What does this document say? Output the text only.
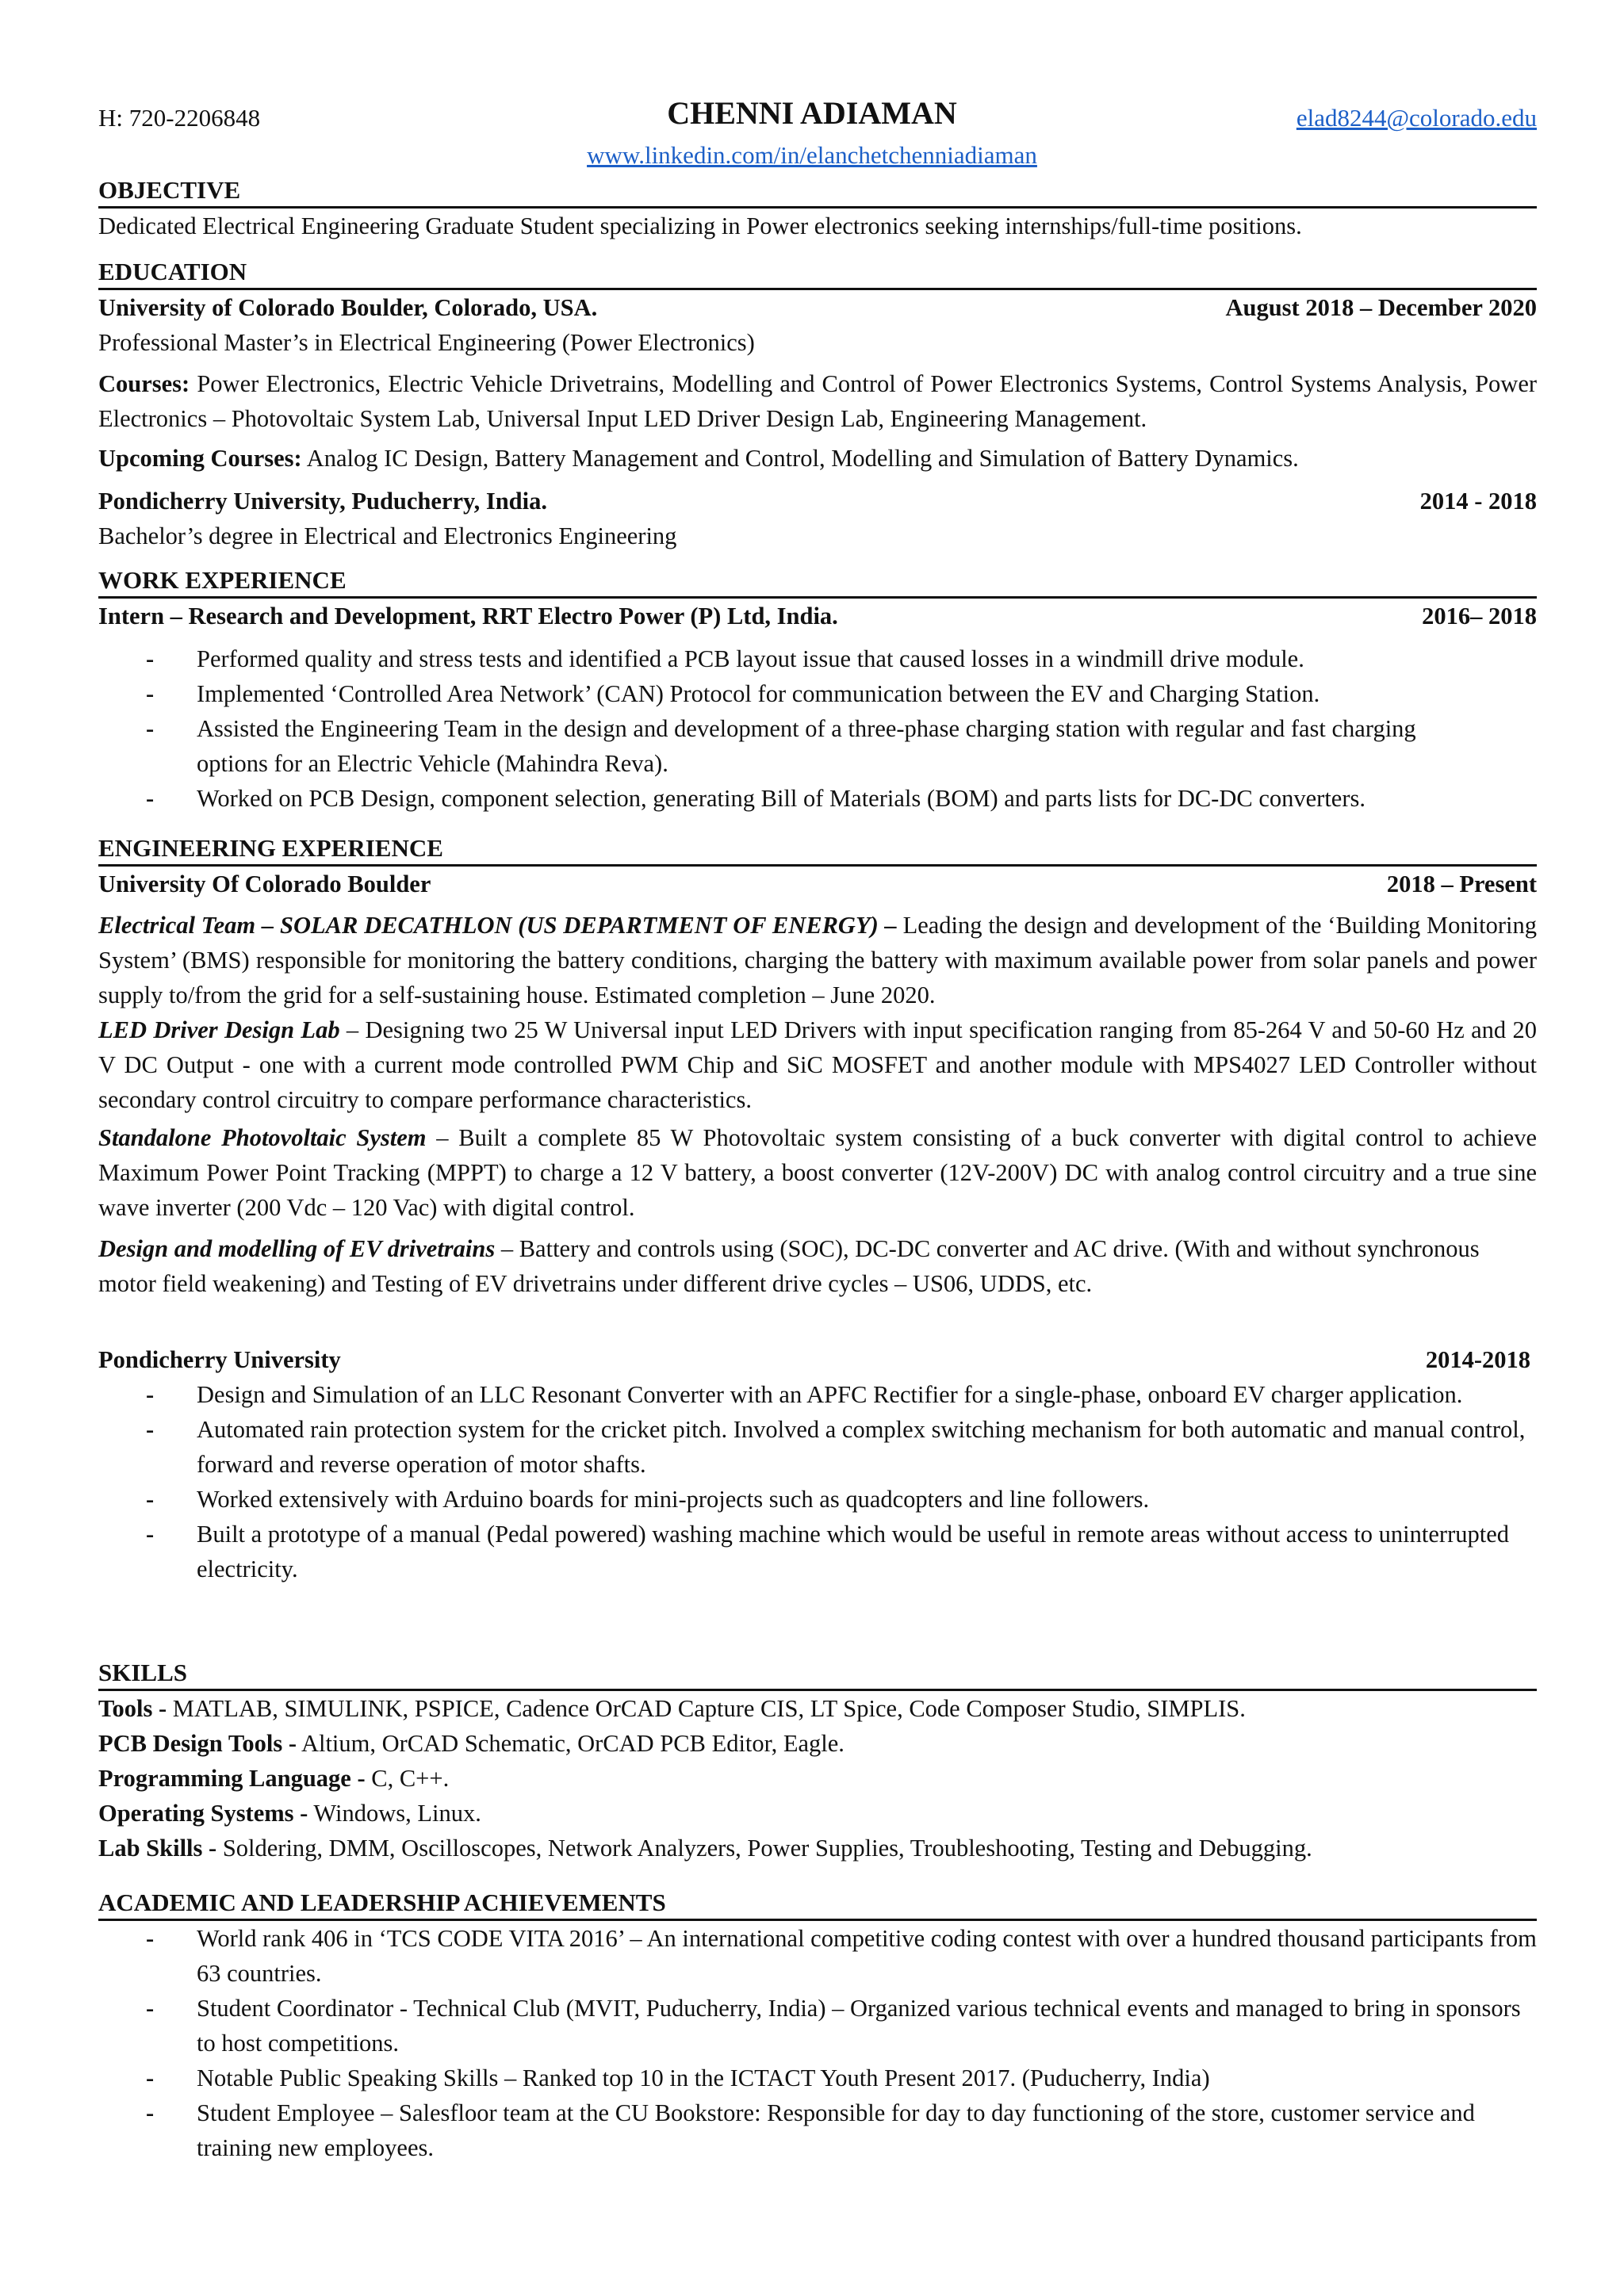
H: 720-2206848	CHENNI ADIAMAN	elad8244@colorado.edu
www.linkedin.com/in/elanchetchenniadiaman
OBJECTIVE

Dedicated Electrical Engineering Graduate Student specializing in Power electronics seeking internships/full-time positions.

EDUCATION
University of Colorado Boulder, Colorado, USA.	August 2018 – December 2020

Professional Master’s in Electrical Engineering (Power Electronics)

Courses: Power Electronics, Electric Vehicle Drivetrains, Modelling and Control of Power Electronics Systems, Control Systems Analysis, Power Electronics – Photovoltaic System Lab, Universal Input LED Driver Design Lab, Engineering Management.

Upcoming Courses: Analog IC Design, Battery Management and Control, Modelling and Simulation of Battery Dynamics.

Pondicherry University, Puducherry, India.	2014 - 2018

Bachelor’s degree in Electrical and Electronics Engineering

WORK EXPERIENCE
Intern – Research and Development, RRT Electro Power (P) Ltd, India.	2016– 2018
- Performed quality and stress tests and identified a PCB layout issue that caused losses in a windmill drive module.
- Implemented ‘Controlled Area Network’ (CAN) Protocol for communication between the EV and Charging Station.
- Assisted the Engineering Team in the design and development of a three-phase charging station with regular and fast charging options for an Electric Vehicle (Mahindra Reva).
- Worked on PCB Design, component selection, generating Bill of Materials (BOM) and parts lists for DC-DC converters.
ENGINEERING EXPERIENCE
University Of Colorado Boulder	2018 – Present

Electrical Team – SOLAR DECATHLON (US DEPARTMENT OF ENERGY) – Leading the design and development of the ‘Building Monitoring System’ (BMS) responsible for monitoring the battery conditions, charging the battery with maximum available power from solar panels and power supply to/from the grid for a self-sustaining house. Estimated completion – June 2020.

LED Driver Design Lab – Designing two 25 W Universal input LED Drivers with input specification ranging from 85-264 V and 50-60 Hz and 20 V DC Output - one with a current mode controlled PWM Chip and SiC MOSFET and another module with MPS4027 LED Controller without secondary control circuitry to compare performance characteristics.

Standalone Photovoltaic System – Built a complete 85 W Photovoltaic system consisting of a buck converter with digital control to achieve Maximum Power Point Tracking (MPPT) to charge a 12 V battery, a boost converter (12V-200V) DC with analog control circuitry and a true sine wave inverter (200 Vdc – 120 Vac) with digital control.

Design and modelling of EV drivetrains – Battery and controls using (SOC), DC-DC converter and AC drive. (With and without synchronous motor field weakening) and Testing of EV drivetrains under different drive cycles – US06, UDDS, etc.

Pondicherry University	2014-2018
- Design and Simulation of an LLC Resonant Converter with an APFC Rectifier for a single-phase, onboard EV charger application.
- Automated rain protection system for the cricket pitch. Involved a complex switching mechanism for both automatic and manual control, forward and reverse operation of motor shafts.
- Worked extensively with Arduino boards for mini-projects such as quadcopters and line followers.
- Built a prototype of a manual (Pedal powered) washing machine which would be useful in remote areas without access to uninterrupted electricity.
SKILLS

Tools - MATLAB, SIMULINK, PSPICE, Cadence OrCAD Capture CIS, LT Spice, Code Composer Studio, SIMPLIS.

PCB Design Tools - Altium, OrCAD Schematic, OrCAD PCB Editor, Eagle.

Programming Language - C, C++.

Operating Systems - Windows, Linux.

Lab Skills - Soldering, DMM, Oscilloscopes, Network Analyzers, Power Supplies, Troubleshooting, Testing and Debugging.

ACADEMIC AND LEADERSHIP ACHIEVEMENTS
- World rank 406 in ‘TCS CODE VITA 2016’ – An international competitive coding contest with over a hundred thousand participants from 63 countries.
- Student Coordinator - Technical Club (MVIT, Puducherry, India) – Organized various technical events and managed to bring in sponsors to host competitions.
- Notable Public Speaking Skills – Ranked top 10 in the ICTACT Youth Present 2017. (Puducherry, India)
- Student Employee – Salesfloor team at the CU Bookstore: Responsible for day to day functioning of the store, customer service and training new employees.
